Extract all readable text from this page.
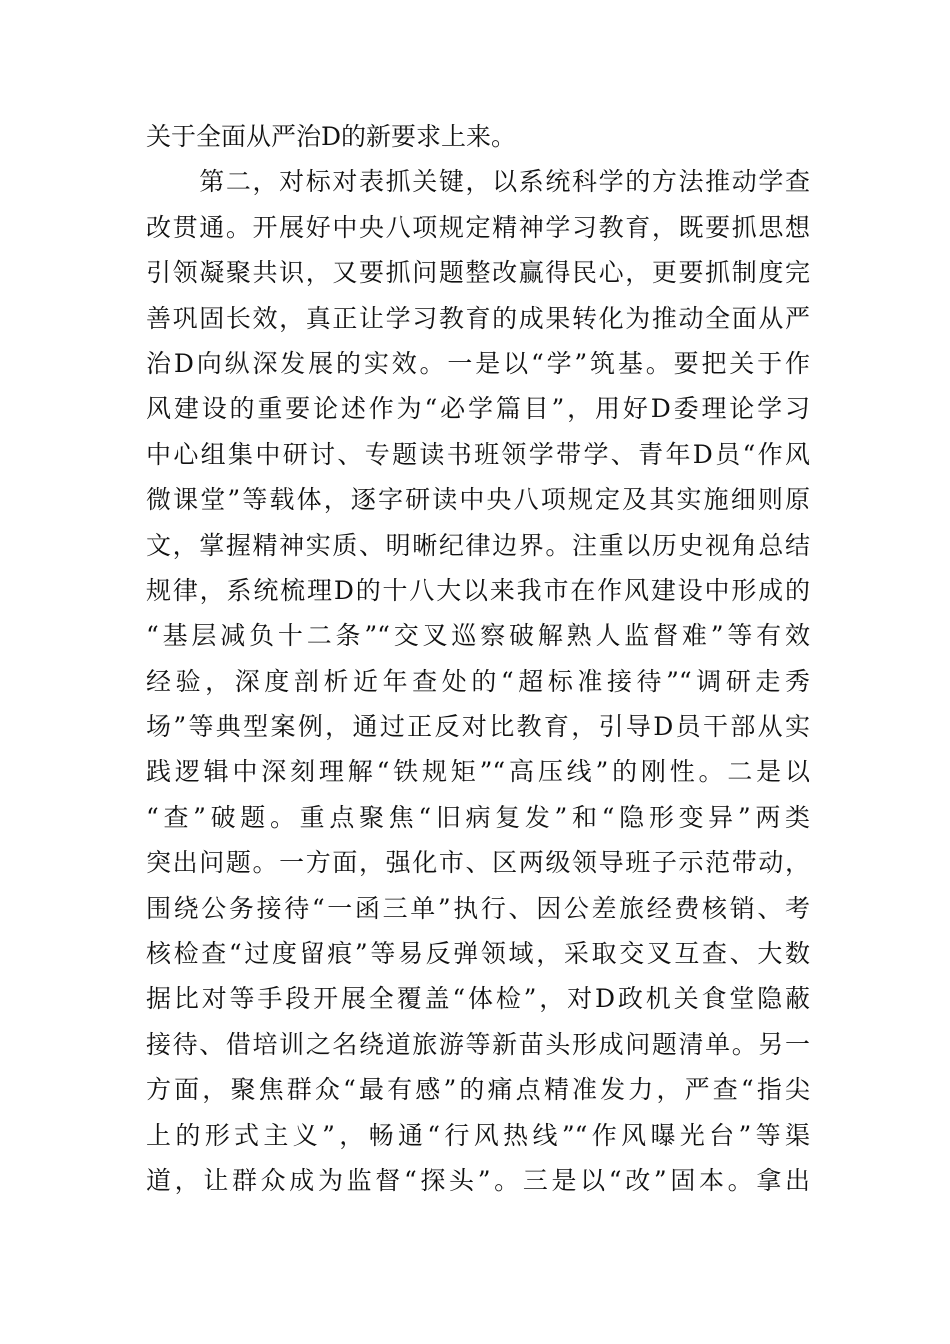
关于全面从严治D的新要求上来。
　　第二，对标对表抓关键，以系统科学的方法推动学查
改贯通。开展好中央八项规定精神学习教育，既要抓思想
引领凝聚共识，又要抓问题整改赢得民心，更要抓制度完
善巩固长效，真正让学习教育的成果转化为推动全面从严
治D向纵深发展的实效。一是以“学”筑基。要把关于作
风建设的重要论述作为“必学篇目”，用好D委理论学习
中心组集中研讨、专题读书班领学带学、青年D员“作风
微课堂”等载体，逐字研读中央八项规定及其实施细则原
文，掌握精神实质、明晰纪律边界。注重以历史视角总结
规律，系统梳理D的十八大以来我市在作风建设中形成的
“基层减负十二条”“交叉巡察破解熟人监督难”等有效
经验，深度剖析近年查处的“超标准接待”“调研走秀
场”等典型案例，通过正反对比教育，引导D员干部从实
践逻辑中深刻理解“铁规矩”“高压线”的刚性。二是以
“查”破题。重点聚焦“旧病复发”和“隐形变异”两类
突出问题。一方面，强化市、区两级领导班子示范带动，
围绕公务接待“一函三单”执行、因公差旅经费核销、考
核检查“过度留痕”等易反弹领域，采取交叉互查、大数
据比对等手段开展全覆盖“体检”，对D政机关食堂隐蔽
接待、借培训之名绕道旅游等新苗头形成问题清单。另一
方面，聚焦群众“最有感”的痛点精准发力，严查“指尖
上的形式主义”，畅通“行风热线”“作风曝光台”等渠
道，让群众成为监督“探头”。三是以“改”固本。拿出
